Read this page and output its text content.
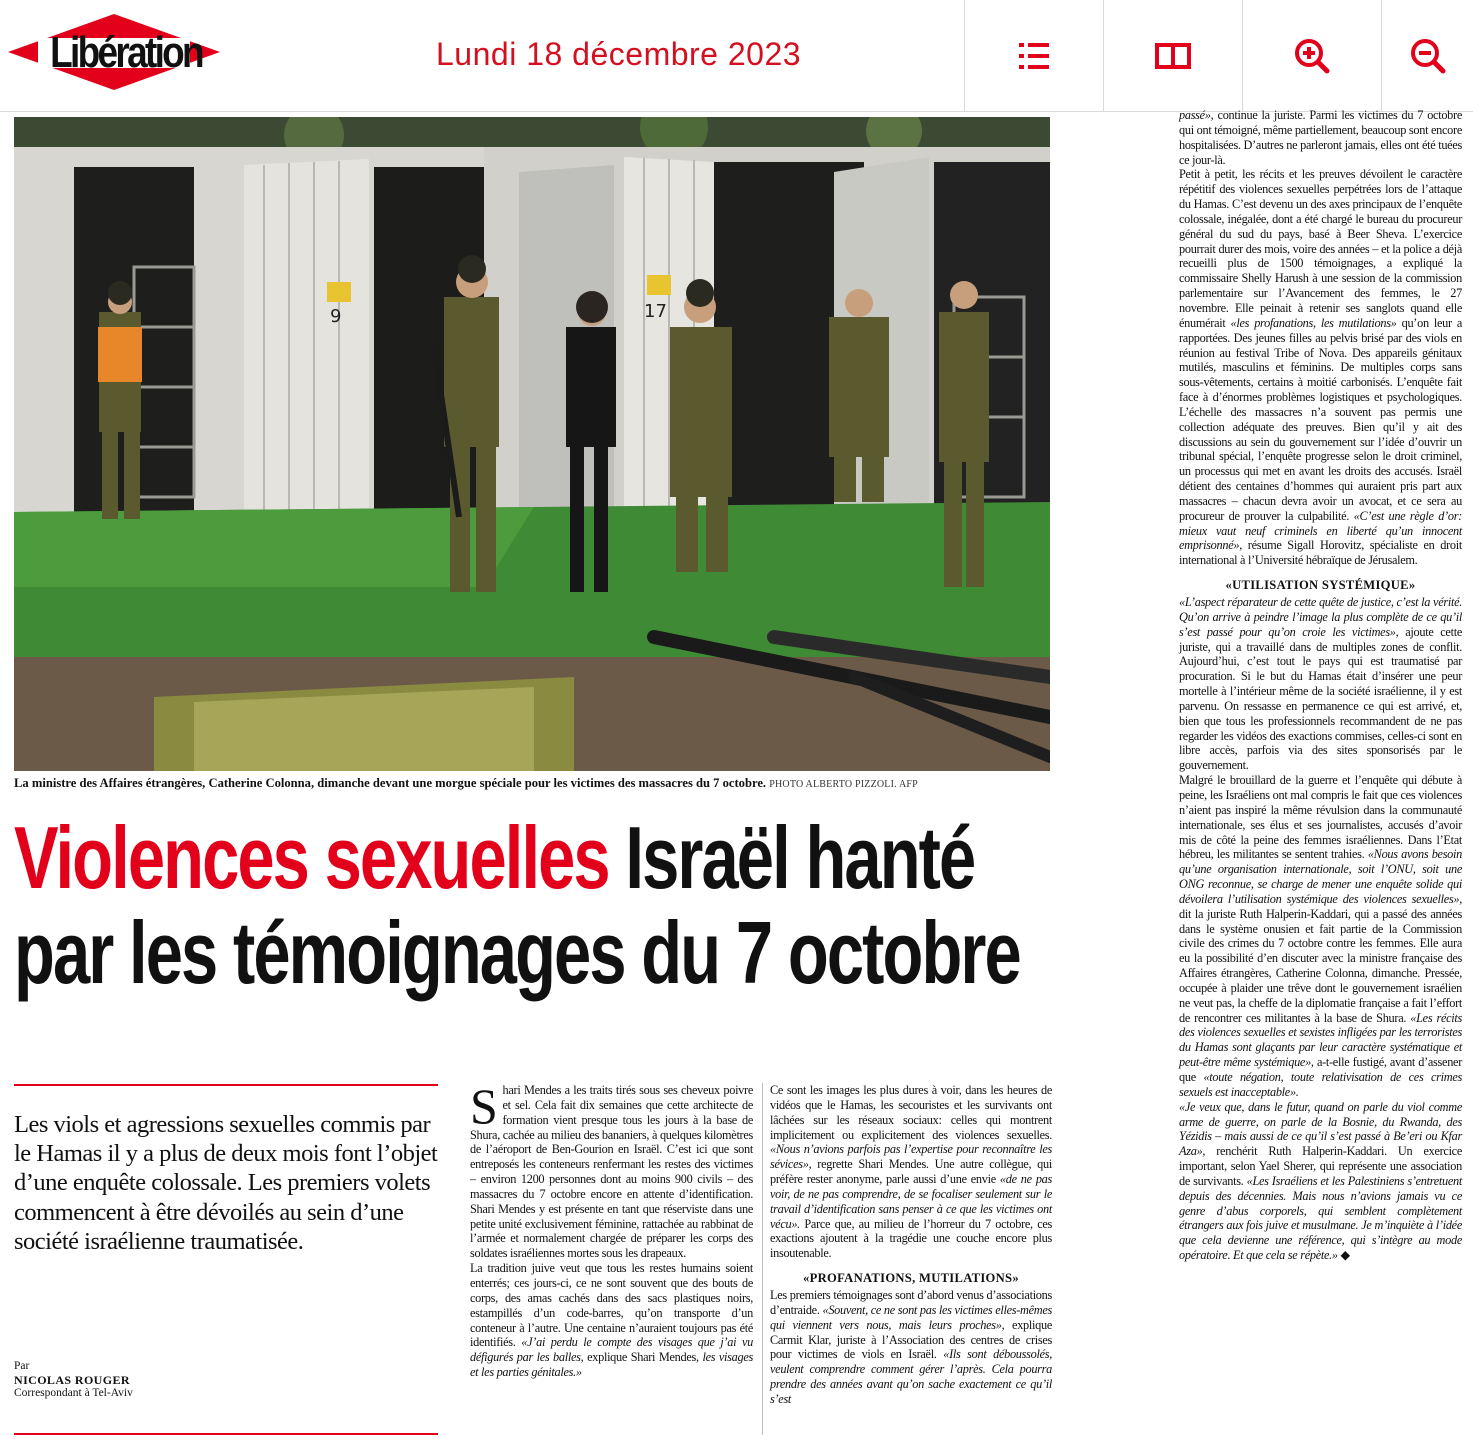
Libération	Lundi 18 décembre 2023
9	17
La ministre des Affaires étrangères, Catherine Colonna, dimanche devant une morgue spéciale pour les victimes des massacres du 7 octobre. PHOTO ALBERTO PIZZOLI. AFP
Violences sexuelles Israël hanté
par les témoignages du 7 octobre
Les viols et agressions sexuelles commis par le Hamas il y a plus de deux mois font l’objet d’une enquête colossale. Les premiers volets commencent à être dévoilés au sein d’une société israélienne traumatisée.
Par
NICOLAS ROUGER
Correspondant à Tel-Aviv

Shari Mendes a les traits tirés sous ses cheveux poivre et sel. Cela fait dix semaines que cette architecte de formation vient presque tous les jours à la base de Shura, cachée au milieu des bananiers, à quelques kilomètres de l’aéroport de Ben-Gourion en Israël. C’est ici que sont entreposés les conteneurs renfermant les restes des victimes – environ 1200 personnes dont au moins 900 civils – des massacres du 7 octobre encore en attente d’identification. Shari Mendes y est présente en tant que réserviste dans une petite unité exclusivement féminine, rattachée au rabbinat de l’armée et normalement chargée de préparer les corps des soldates israéliennes mortes sous les drapeaux.

La tradition juive veut que tous les restes humains soient enterrés; ces jours-ci, ce ne sont souvent que des bouts de corps, des amas cachés dans des sacs plastiques noirs, estampillés d’un code-barres, qu’on transporte d’un conteneur à l’autre. Une centaine n’auraient toujours pas été identifiés. «J’ai perdu le compte des visages que j’ai vu défigurés par les balles, explique Shari Mendes, les visages et les parties génitales.»

Ce sont les images les plus dures à voir, dans les heures de vidéos que le Hamas, les secouristes et les survivants ont lâchées sur les réseaux sociaux: celles qui montrent implicitement ou explicitement des violences sexuelles. «Nous n’avions parfois pas l’expertise pour reconnaître les sévices», regrette Shari Mendes. Une autre collègue, qui préfère rester anonyme, parle aussi d’une envie «de ne pas voir, de ne pas comprendre, de se focaliser seulement sur le travail d’identification sans penser à ce que les victimes ont vécu». Parce que, au milieu de l’horreur du 7 octobre, ces exactions ajoutent à la tragédie une couche encore plus insoutenable.

«PROFANATIONS, MUTILATIONS»

Les premiers témoignages sont d’abord venus d’associations d’entraide. «Souvent, ce ne sont pas les victimes elles-mêmes qui viennent vers nous, mais leurs proches», explique Carmit Klar, juriste à l’Association des centres de crises pour victimes de viols en Israël. «Ils sont déboussolés, veulent comprendre comment gérer l’après. Cela pourra prendre des années avant qu’on sache exactement ce qu’il s’est

passé», continue la juriste. Parmi les victimes du 7 octobre qui ont témoigné, même partiellement, beaucoup sont encore hospitalisées. D’autres ne parleront jamais, elles ont été tuées ce jour-là.

Petit à petit, les récits et les preuves dévoilent le caractère répétitif des violences sexuelles perpétrées lors de l’attaque du Hamas. C’est devenu un des axes principaux de l’enquête colossale, inégalée, dont a été chargé le bureau du procureur général du sud du pays, basé à Beer Sheva. L’exercice pourrait durer des mois, voire des années – et la police a déjà recueilli plus de 1500 témoignages, a expliqué la commissaire Shelly Harush à une session de la commission parlementaire sur l’Avancement des femmes, le 27 novembre. Elle peinait à retenir ses sanglots quand elle énumérait «les profanations, les mutilations» qu’on leur a rapportées. Des jeunes filles au pelvis brisé par des viols en réunion au festival Tribe of Nova. Des appareils génitaux mutilés, masculins et féminins. De multiples corps sans sous-vêtements, certains à moitié carbonisés. L’enquête fait face à d’énormes problèmes logistiques et psychologiques. L’échelle des massacres n’a souvent pas permis une collection adéquate des preuves. Bien qu’il y ait des discussions au sein du gouvernement sur l’idée d’ouvrir un tribunal spécial, l’enquête progresse selon le droit criminel, un processus qui met en avant les droits des accusés. Israël détient des centaines d’hommes qui auraient pris part aux massacres – chacun devra avoir un avocat, et ce sera au procureur de prouver la culpabilité. «C’est une règle d’or: mieux vaut neuf criminels en liberté qu’un innocent emprisonné», résume Sigall Horovitz, spécialiste en droit international à l’Université hébraïque de Jérusalem.

«UTILISATION SYSTÉMIQUE»

«L’aspect réparateur de cette quête de justice, c’est la vérité. Qu’on arrive à peindre l’image la plus complète de ce qu’il s’est passé pour qu’on croie les victimes», ajoute cette juriste, qui a travaillé dans de multiples zones de conflit. Aujourd’hui, c’est tout le pays qui est traumatisé par procuration. Si le but du Hamas était d’insérer une peur mortelle à l’intérieur même de la société israélienne, il y est parvenu. On ressasse en permanence ce qui est arrivé, et, bien que tous les professionnels recommandent de ne pas regarder les vidéos des exactions commises, celles-ci sont en libre accès, parfois via des sites sponsorisés par le gouvernement.

Malgré le brouillard de la guerre et l’enquête qui débute à peine, les Israéliens ont mal compris le fait que ces violences n’aient pas inspiré la même révulsion dans la communauté internationale, ses élus et ses journalistes, accusés d’avoir mis de côté la peine des femmes israéliennes. Dans l’Etat hébreu, les militantes se sentent trahies. «Nous avons besoin qu’une organisation internationale, soit l’ONU, soit une ONG reconnue, se charge de mener une enquête solide qui dévoilera l’utilisation systémique des violences sexuelles», dit la juriste Ruth Halperin-Kaddari, qui a passé des années dans le système onusien et fait partie de la Commission civile des crimes du 7 octobre contre les femmes. Elle aura eu la possibilité d’en discuter avec la ministre française des Affaires étrangères, Catherine Colonna, dimanche. Pressée, occupée à plaider une trêve dont le gouvernement israélien ne veut pas, la cheffe de la diplomatie française a fait l’effort de rencontrer ces militantes à la base de Shura. «Les récits des violences sexuelles et sexistes infligées par les terroristes du Hamas sont glaçants par leur caractère systématique et peut-être même systémique», a-t-elle fustigé, avant d’assener que «toute négation, toute relativisation de ces crimes sexuels est inacceptable».

«Je veux que, dans le futur, quand on parle du viol comme arme de guerre, on parle de la Bosnie, du Rwanda, des Yézidis – mais aussi de ce qu’il s’est passé à Be’eri ou Kfar Aza», renchérit Ruth Halperin-Kaddari. Un exercice important, selon Yael Sherer, qui représente une association de survivants. «Les Israéliens et les Palestiniens s’entretuent depuis des décennies. Mais nous n’avions jamais vu ce genre d’abus corporels, qui semblent complètement étrangers aux fois juive et musulmane. Je m’inquiète à l’idée que cela devienne une référence, qui s’intègre au mode opératoire. Et que cela se répète.» ◆
